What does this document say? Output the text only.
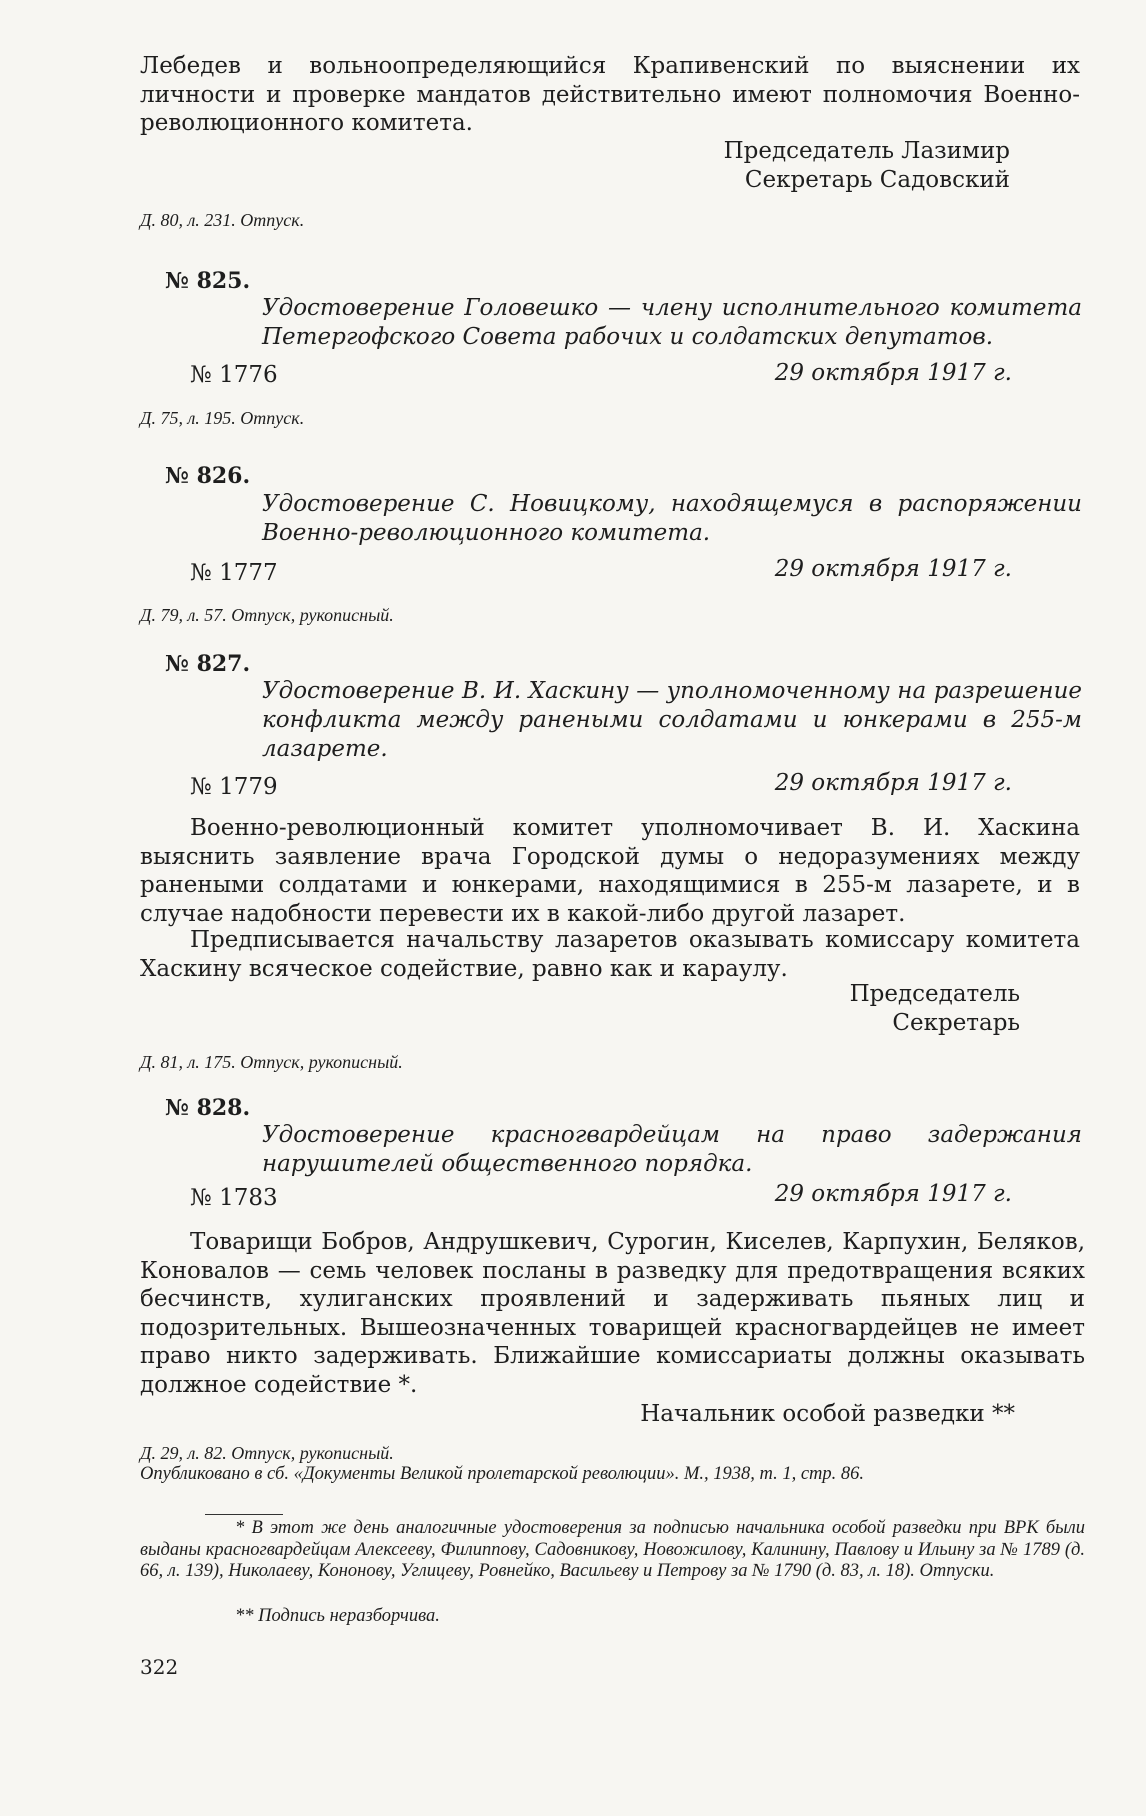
Лебедев и вольноопределяющийся Крапивенский по выяснении их личности и проверке мандатов действительно имеют полномочия Военно-революционного комитета.

Председатель Лазимир
Секретарь Садовский
Д. 80, л. 231. Отпуск.
№ 825.

Удостоверение Головешко — члену исполнительного комитета Петергофского Совета рабочих и солдатских депутатов.

№ 1776	29 октября 1917 г.
Д. 75, л. 195. Отпуск.
№ 826.

Удостоверение С. Новицкому, находящемуся в распоряжении Военно-революционного комитета.

№ 1777	29 октября 1917 г.
Д. 79, л. 57. Отпуск, рукописный.
№ 827.

Удостоверение В. И. Хаскину — уполномоченному на разрешение конфликта между ранеными солдатами и юнкерами в 255-м лазарете.

№ 1779	29 октября 1917 г.

Военно-революционный комитет уполномочивает В. И. Хаскина выяснить заявление врача Городской думы о недоразумениях между ранеными солдатами и юнкерами, находящимися в 255-м лазарете, и в случае надобности перевести их в какой-либо другой лазарет.

Предписывается начальству лазаретов оказывать комиссару комитета Хаскину всяческое содействие, равно как и караулу.

Председатель
Секретарь
Д. 81, л. 175. Отпуск, рукописный.
№ 828.

Удостоверение красногвардейцам на право задержания нарушителей общественного порядка.

№ 1783	29 октября 1917 г.

Товарищи Бобров, Андрушкевич, Сурогин, Киселев, Карпухин, Беляков, Коновалов — семь человек посланы в разведку для предотвращения всяких бесчинств, хулиганских проявлений и задерживать пьяных лиц и подозрительных. Вышеозначенных товарищей красногвардейцев не имеет право никто задерживать. Ближайшие комиссариаты должны оказывать должное содействие *.

Начальник особой разведки **
Д. 29, л. 82. Отпуск, рукописный.

Опубликовано в сб. «Документы Великой пролетарской революции». М., 1938, т. 1, стр. 86.

* В этот же день аналогичные удостоверения за подписью начальника особой разведки при ВРК были выданы красногвардейцам Алексееву, Филиппову, Садовникову, Новожилову, Калинину, Павлову и Ильину за № 1789 (д. 66, л. 139), Николаеву, Кононову, Углицеву, Ровнейко, Васильеву и Петрову за № 1790 (д. 83, л. 18). Отпуски.

** Подпись неразборчива.

322
